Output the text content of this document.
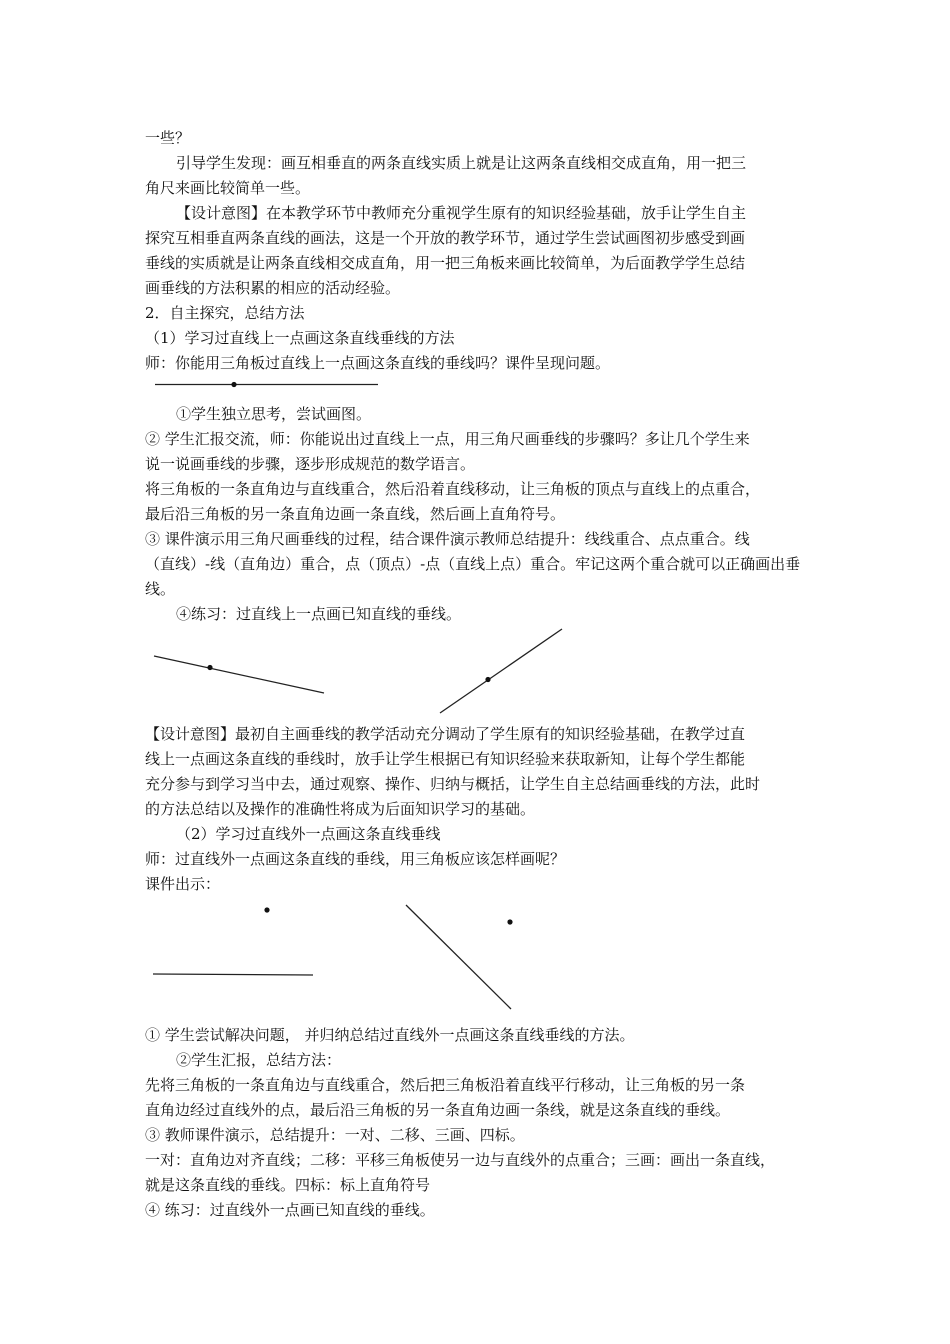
一些？
引导学生发现：画互相垂直的两条直线实质上就是让这两条直线相交成直角，用一把三
角尺来画比较简单一些。
【设计意图】在本教学环节中教师充分重视学生原有的知识经验基础，放手让学生自主
探究互相垂直两条直线的画法，这是一个开放的教学环节，通过学生尝试画图初步感受到画
垂线的实质就是让两条直线相交成直角，用一把三角板来画比较简单，为后面教学学生总结
画垂线的方法积累的相应的活动经验。
2．自主探究，总结方法
（1）学习过直线上一点画这条直线垂线的方法
师：你能用三角板过直线上一点画这条直线的垂线吗？课件呈现问题。
①学生独立思考，尝试画图。
② 学生汇报交流，师：你能说出过直线上一点，用三角尺画垂线的步骤吗？多让几个学生来
说一说画垂线的步骤，逐步形成规范的数学语言。
将三角板的一条直角边与直线重合，然后沿着直线移动，让三角板的顶点与直线上的点重合，
最后沿三角板的另一条直角边画一条直线，然后画上直角符号。
③ 课件演示用三角尺画垂线的过程，结合课件演示教师总结提升：线线重合、点点重合。线
（直线）-线（直角边）重合，点（顶点）-点（直线上点）重合。牢记这两个重合就可以正确画出垂
线。
④练习：过直线上一点画已知直线的垂线。
【设计意图】最初自主画垂线的教学活动充分调动了学生原有的知识经验基础，在教学过直
线上一点画这条直线的垂线时，放手让学生根据已有知识经验来获取新知，让每个学生都能
充分参与到学习当中去，通过观察、操作、归纳与概括，让学生自主总结画垂线的方法，此时
的方法总结以及操作的准确性将成为后面知识学习的基础。
（2）学习过直线外一点画这条直线垂线
师：过直线外一点画这条直线的垂线，用三角板应该怎样画呢？
课件出示：
① 学生尝试解决问题， 并归纳总结过直线外一点画这条直线垂线的方法。
②学生汇报，总结方法：
先将三角板的一条直角边与直线重合，然后把三角板沿着直线平行移动，让三角板的另一条
直角边经过直线外的点，最后沿三角板的另一条直角边画一条线，就是这条直线的垂线。
③ 教师课件演示，总结提升：一对、二移、三画、四标。
一对：直角边对齐直线；二移：平移三角板使另一边与直线外的点重合；三画：画出一条直线，
就是这条直线的垂线。四标：标上直角符号
④ 练习：过直线外一点画已知直线的垂线。
